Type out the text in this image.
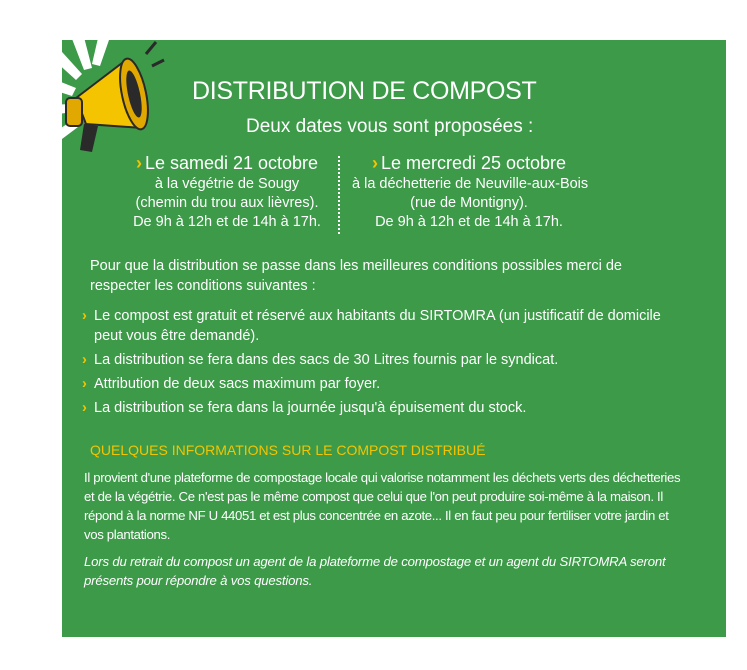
DISTRIBUTION DE COMPOST
Deux dates vous sont proposées :
› Le samedi 21 octobre
à la végétrie de Sougy
(chemin du trou aux lièvres).
De 9h à 12h et de 14h à 17h.
› Le mercredi 25 octobre
à la déchetterie de Neuville-aux-Bois
(rue de Montigny).
De 9h à 12h et de 14h à 17h.
Pour que la distribution se passe dans les meilleures conditions possibles merci de respecter les conditions suivantes :
› Le compost est gratuit et réservé aux habitants du SIRTOMRA (un justificatif de domicile peut vous être demandé).
› La distribution se fera dans des sacs de 30 Litres fournis par le syndicat.
› Attribution de deux sacs maximum par foyer.
› La distribution se fera dans la journée jusqu'à épuisement du stock.
QUELQUES INFORMATIONS SUR LE COMPOST DISTRIBUÉ
Il provient d'une plateforme de compostage locale qui valorise notamment les déchets verts des déchetteries et de la végétrie. Ce n'est pas le même compost que celui que l'on peut produire soi-même à la maison. Il répond à la norme NF U 44051 et est plus concentrée en azote... Il en faut peu pour fertiliser votre jardin et vos plantations.
Lors du retrait du compost un agent de la plateforme de compostage et un agent du SIRTOMRA seront présents pour répondre à vos questions.
